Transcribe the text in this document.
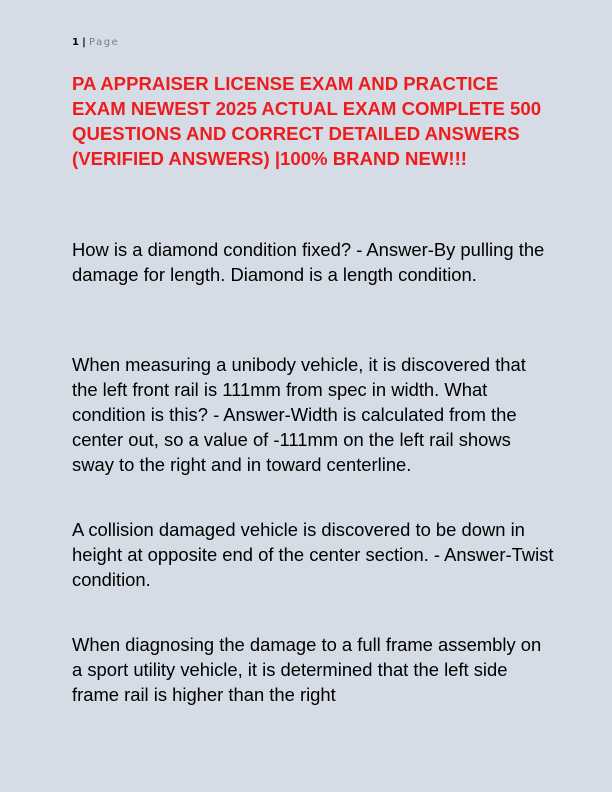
1 | Page
PA APPRAISER LICENSE EXAM AND PRACTICE EXAM NEWEST 2025 ACTUAL EXAM COMPLETE 500 QUESTIONS AND CORRECT DETAILED ANSWERS (VERIFIED ANSWERS) |100% BRAND NEW!!!

How is a diamond condition fixed? - Answer-By pulling the damage for length. Diamond is a length condition.

When measuring a unibody vehicle, it is discovered that the left front rail is 111mm from spec in width. What condition is this? - Answer-Width is calculated from the center out, so a value of -111mm on the left rail shows sway to the right and in toward centerline.

A collision damaged vehicle is discovered to be down in height at opposite end of the center section. - Answer-Twist condition.

When diagnosing the damage to a full frame assembly on a sport utility vehicle, it is determined that the left side frame rail is higher than the right
